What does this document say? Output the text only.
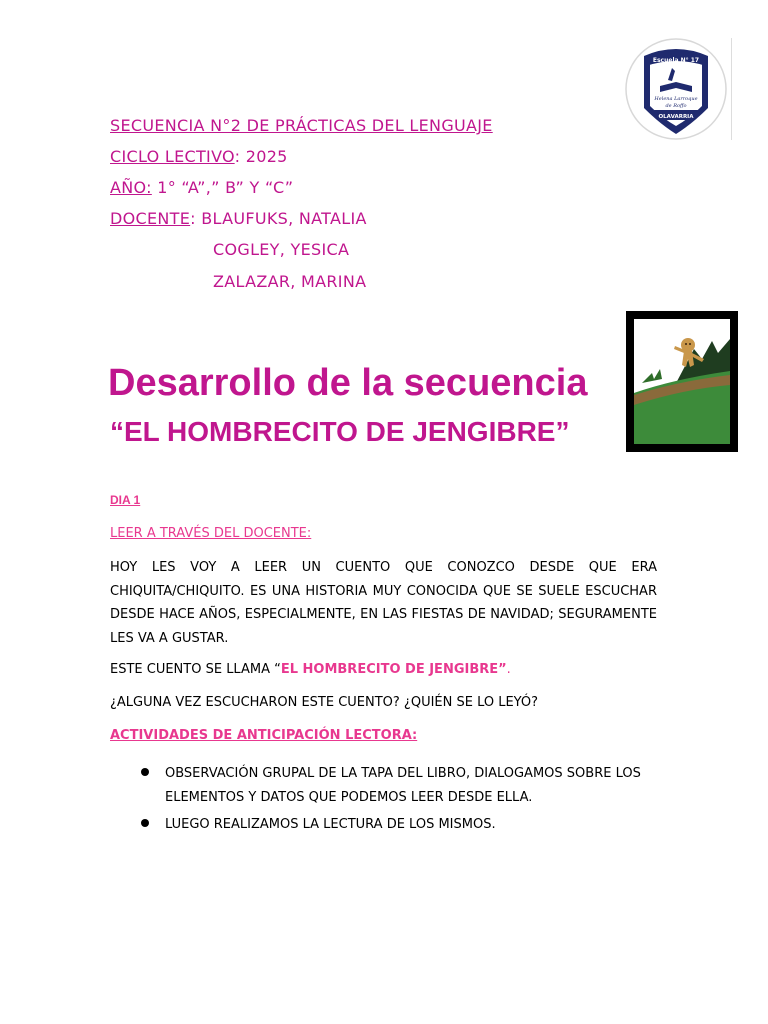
SECUENCIA N°2 DE PRÁCTICAS DEL LENGUAJE
CICLO LECTIVO: 2025
AÑO: 1° “A”,” B” Y “C”
DOCENTE: BLAUFUKS, NATALIA
COGLEY, YESICA
ZALAZAR, MARINA
Escuela N° 17
Helena Larroque
de Roffo
OLAVARRIA
Desarrollo de la secuencia
“EL HOMBRECITO DE JENGIBRE”
DIA 1
LEER A TRAVÉS DEL DOCENTE:
HOY LES VOY A LEER UN CUENTO QUE CONOZCO DESDE QUE ERA CHIQUITA/CHIQUITO. ES UNA HISTORIA MUY CONOCIDA QUE SE SUELE ESCUCHAR DESDE HACE AÑOS, ESPECIALMENTE, EN LAS FIESTAS DE NAVIDAD; SEGURAMENTE LES VA A GUSTAR.
ESTE CUENTO SE LLAMA “EL HOMBRECITO DE JENGIBRE”.
¿ALGUNA VEZ ESCUCHARON ESTE CUENTO? ¿QUIÉN SE LO LEYÓ?
ACTIVIDADES DE ANTICIPACIÓN LECTORA:
OBSERVACIÓN GRUPAL DE LA TAPA DEL LIBRO, DIALOGAMOS SOBRE LOS ELEMENTOS Y DATOS QUE PODEMOS LEER DESDE ELLA.
LUEGO REALIZAMOS LA LECTURA DE LOS MISMOS.
